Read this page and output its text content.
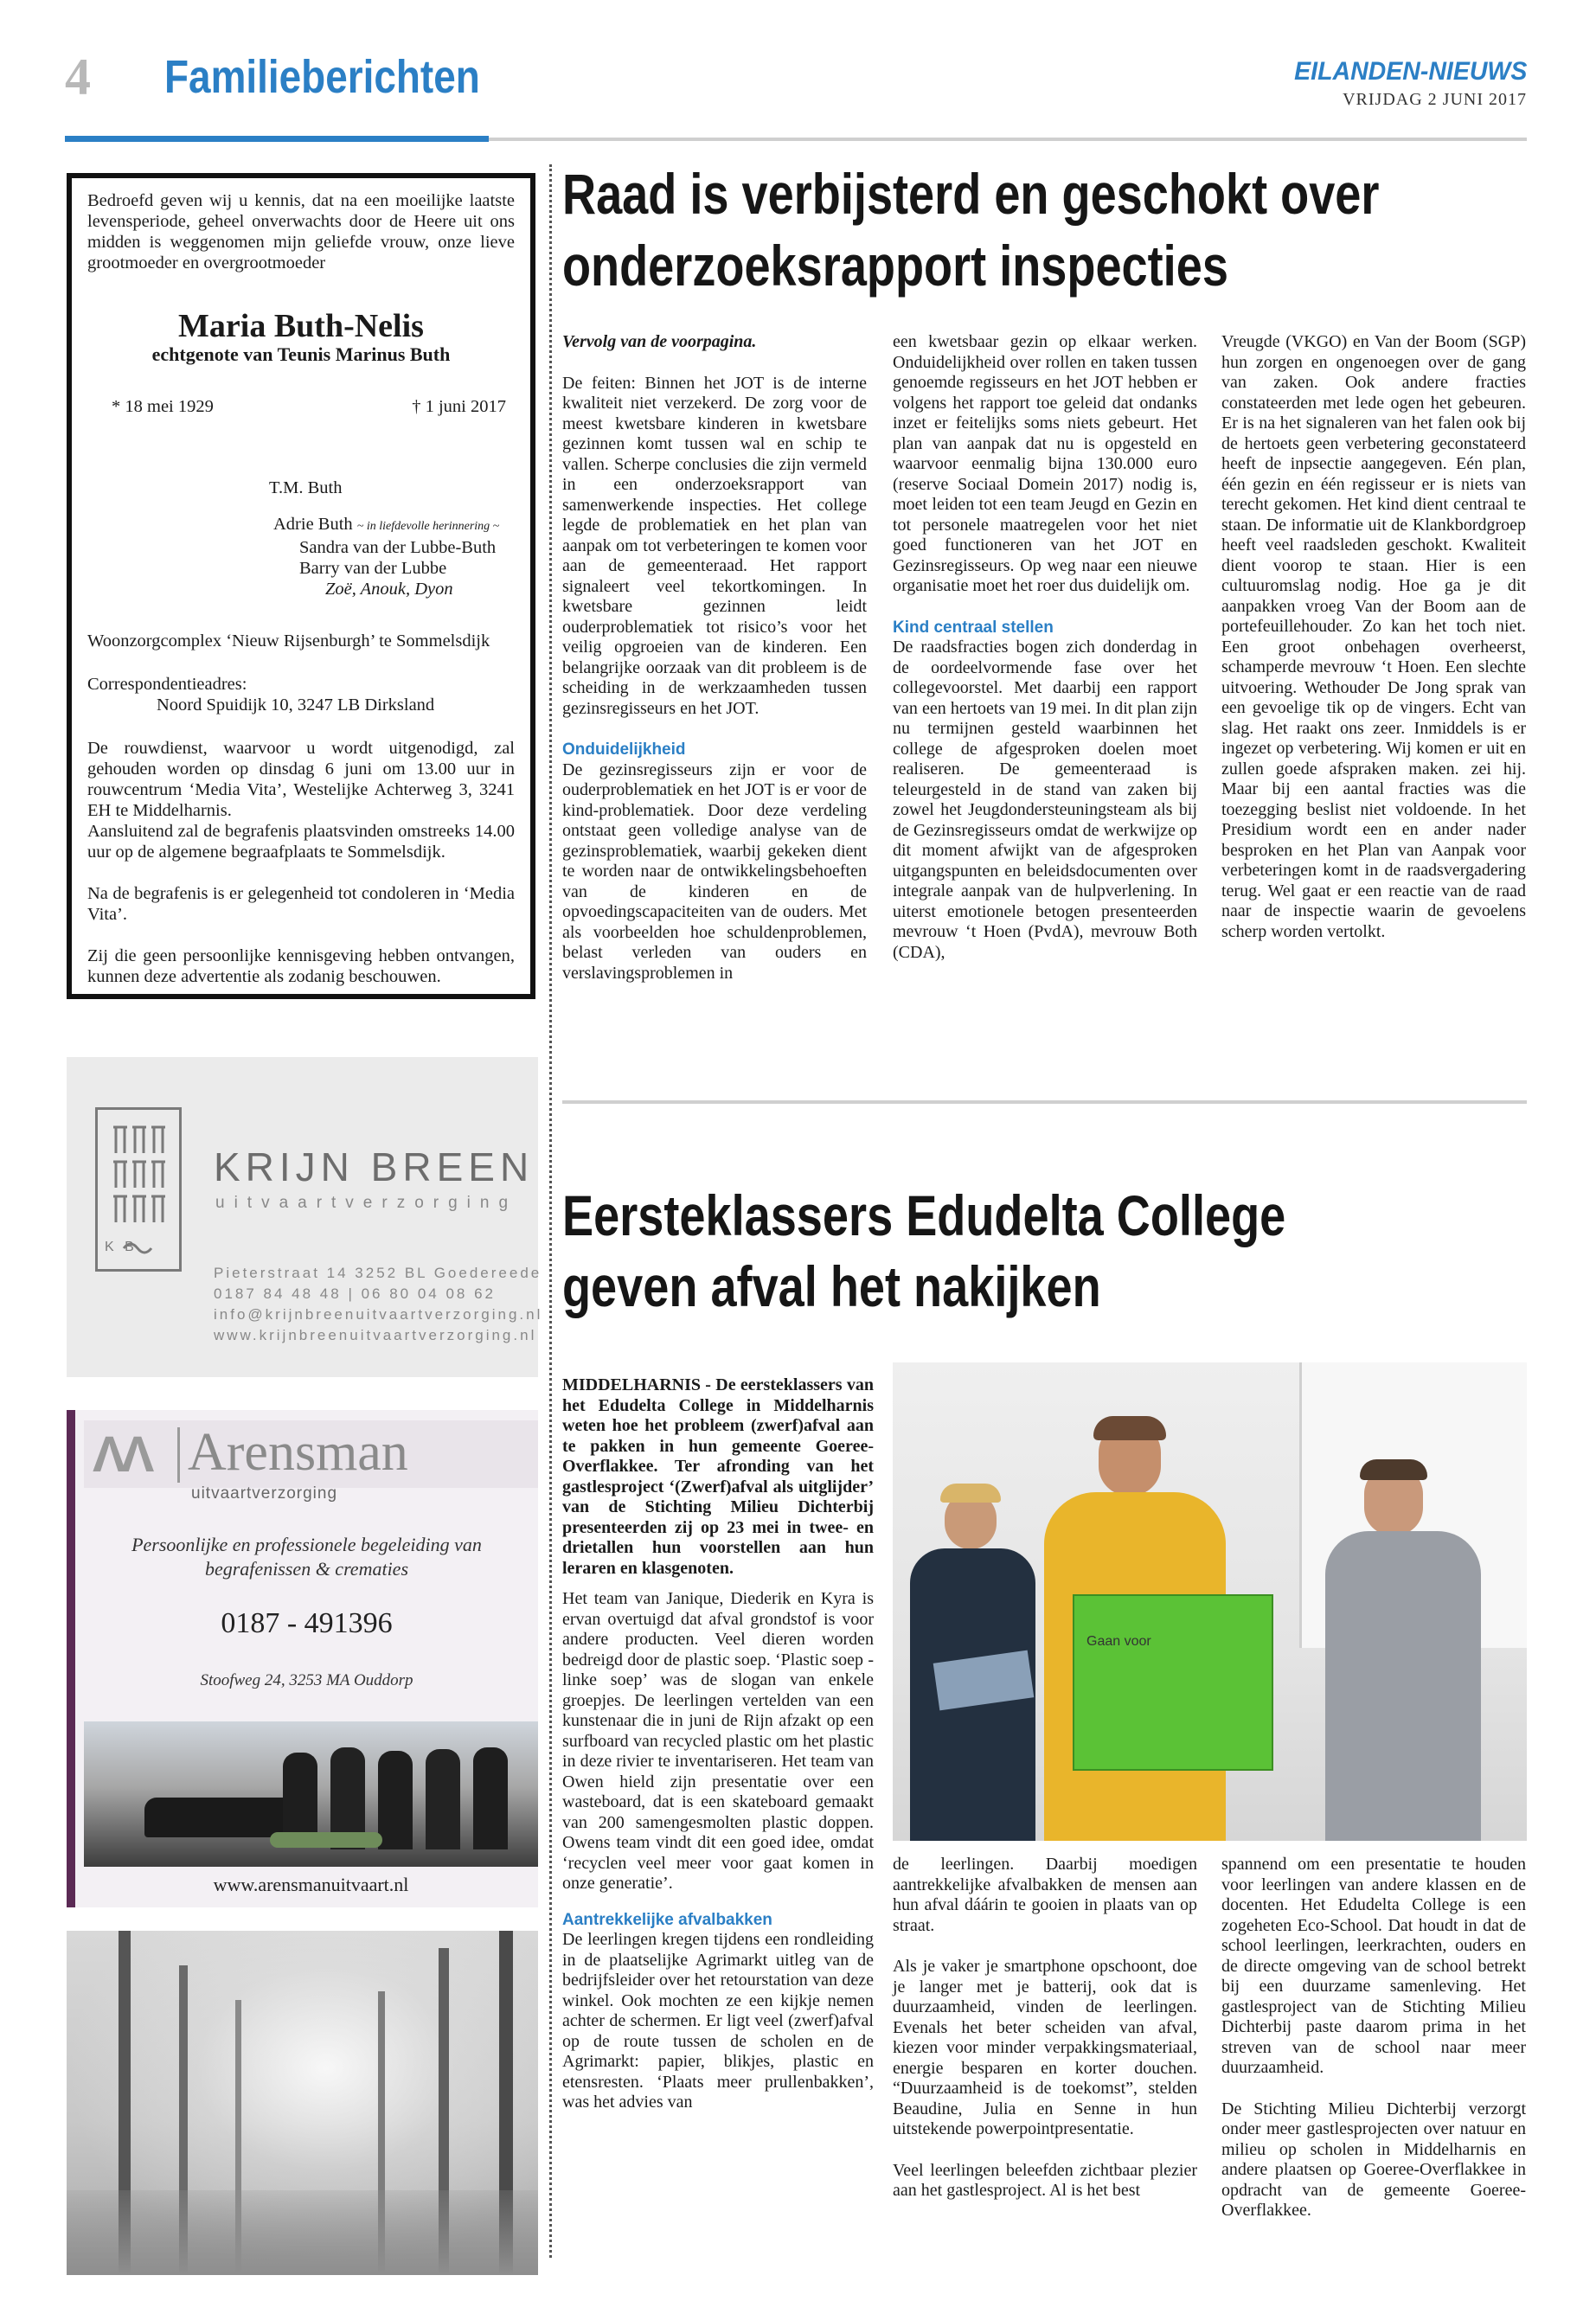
4 Familieberichten	EILANDEN-NIEUWS
VRIJDAG 2 JUNI 2017

Bedroefd geven wij u kennis, dat na een moeilijke laatste levensperiode, geheel onverwachts door de Heere uit ons midden is weggenomen mijn geliefde vrouw, onze lieve grootmoeder en overgrootmoeder

Maria Buth-Nelis
echtgenote van Teunis Marinus Buth
* 18 mei 1929	† 1 juni 2017
T.M. Buth
Adrie Buth ~ in liefdevolle herinnering ~
Sandra van der Lubbe-Buth
Barry van der Lubbe
Zoë, Anouk, Dyon

Woonzorgcomplex ‘Nieuw Rijsenburgh’ te Sommelsdijk

Correspondentieadres:

Noord Spuidijk 10, 3247 LB Dirksland

De rouwdienst, waarvoor u wordt uitgenodigd, zal gehouden worden op dinsdag 6 juni om 13.00 uur in rouwcentrum ‘Media Vita’, Westelijke Achterweg 3, 3241 EH te Middelharnis.

Aansluitend zal de begrafenis plaatsvinden omstreeks 14.00 uur op de algemene begraafplaats te Sommelsdijk.

Na de begrafenis is er gelegenheid tot condoleren in ‘Media Vita’.

Zij die geen persoonlijke kennisgeving hebben ontvangen, kunnen deze advertentie als zodanig beschouwen.

K B
KRIJN BREEN
uitvaartverzorging
Pieterstraat 14 3252 BL Goedereede
0187 84 48 48 | 06 80 04 08 62
info@krijnbreenuitvaartverzorging.nl
www.krijnbreenuitvaartverzorging.nl
ΛΛ Arensman
uitvaartverzorging
Persoonlijke en professionele begeleiding van begrafenissen & crematies
0187 - 491396
Stoofweg 24, 3253 MA Ouddorp
www.arensmanuitvaart.nl
Raad is verbijsterd en geschokt over
onderzoeksrapport inspecties

Vervolg van de voorpagina.

De feiten: Binnen het JOT is de interne kwaliteit niet verzekerd. De zorg voor de meest kwetsbare kinderen in kwetsbare gezinnen komt tussen wal en schip te vallen. Scherpe conclusies die zijn vermeld in een onderzoeksrapport van samenwerkende inspecties. Het college legde de problematiek en het plan van aanpak om tot verbeteringen te komen voor aan de gemeenteraad. Het rapport signaleert veel tekortkomingen. In kwetsbare gezinnen leidt ouderproblematiek tot risico’s voor het veilig opgroeien van de kinderen. Een belangrijke oorzaak van dit probleem is de scheiding in de werkzaamheden tussen gezinsregisseurs en het JOT.

Onduidelijkheid

De gezinsregisseurs zijn er voor de ouderproblematiek en het JOT is er voor de kind-problematiek. Door deze verdeling ontstaat geen volledige analyse van de gezinsproblematiek, waarbij gekeken dient te worden naar de ontwikkelingsbehoeften van de kinderen en de opvoedingscapaciteiten van de ouders. Met als voorbeelden hoe schuldenproblemen, belast verleden van ouders en verslavingsproblemen in

een kwetsbaar gezin op elkaar werken. Onduidelijkheid over rollen en taken tussen genoemde regisseurs en het JOT hebben er volgens het rapport toe geleid dat ondanks inzet er feitelijks soms niets gebeurt. Het plan van aanpak dat nu is opgesteld en waarvoor eenmalig bijna 130.000 euro (reserve Sociaal Domein 2017) nodig is, moet leiden tot een team Jeugd en Gezin en tot personele maatregelen voor het niet goed functioneren van het JOT en Gezinsregisseurs. Op weg naar een nieuwe organisatie moet het roer dus duidelijk om.

Kind centraal stellen

De raadsfracties bogen zich donderdag in de oordeelvormende fase over het collegevoorstel. Met daarbij een rapport van een hertoets van 19 mei. In dit plan zijn nu termijnen gesteld waarbinnen het college de afgesproken doelen moet realiseren. De gemeenteraad is teleurgesteld in de stand van zaken bij zowel het Jeugdondersteuningsteam als bij de Gezinsregisseurs omdat de werkwijze op dit moment afwijkt van de afgesproken uitgangspunten en beleidsdocumenten over integrale aanpak van de hulpverlening. In uiterst emotionele betogen presenteerden mevrouw ‘t Hoen (PvdA), mevrouw Both (CDA),

Vreugde (VKGO) en Van der Boom (SGP) hun zorgen en ongenoegen over de gang van zaken. Ook andere fracties constateerden met lede ogen het gebeuren. Er is na het signaleren van het falen ook bij de hertoets geen verbetering geconstateerd heeft de inpsectie aangegeven. Eén plan, één gezin en één regisseur er is niets van terecht gekomen. Het kind dient centraal te staan. De informatie uit de Klankbordgroep heeft veel raadsleden geschokt. Kwaliteit dient voorop te staan. Hier is een cultuuromslag nodig. Hoe ga je dit aanpakken vroeg Van der Boom aan de portefeuillehouder. Zo kan het toch niet. Een groot onbehagen overheerst, schamperde mevrouw ‘t Hoen. Een slechte uitvoering. Wethouder De Jong sprak van een gevoelige tik op de vingers. Echt van slag. Het raakt ons zeer. Inmiddels is er ingezet op verbetering. Wij komen er uit en zullen goede afspraken maken. zei hij. Maar bij een aantal fracties was die toezegging beslist niet voldoende. In het Presidium wordt een en ander nader besproken en het Plan van Aanpak voor verbeteringen komt in de raadsvergadering terug. Wel gaat er een reactie van de raad naar de inspectie waarin de gevoelens scherp worden vertolkt.

Eersteklassers Edudelta College
geven afval het nakijken

MIDDELHARNIS - De eersteklassers van het Edudelta College in Middelharnis weten hoe het probleem (zwerf)afval aan te pakken in hun gemeente Goeree-Overflakkee. Ter afronding van het gastlesproject ‘(Zwerf)afval als uitglijder’ van de Stichting Milieu Dichterbij presenteerden zij op 23 mei in twee- en drietallen hun voorstellen aan hun leraren en klasgenoten.

Het team van Janique, Diederik en Kyra is ervan overtuigd dat afval grondstof is voor andere producten. Veel dieren worden bedreigd door de plastic soep. ‘Plastic soep - linke soep’ was de slogan van enkele groepjes. De leerlingen vertelden van een kunstenaar die in juni de Rijn afzakt op een surfboard van recycled plastic om het plastic in deze rivier te inventariseren. Het team van Owen hield zijn presentatie over een wasteboard, dat is een skateboard gemaakt van 200 samengesmolten plastic doppen. Owens team vindt dit een goed idee, omdat ‘recyclen veel meer voor gaat komen in onze generatie’.

Aantrekkelijke afvalbakken

De leerlingen kregen tijdens een rondleiding in de plaatselijke Agrimarkt uitleg van de bedrijfsleider over het retourstation van deze winkel. Ook mochten ze een kijkje nemen achter de schermen. Er ligt veel (zwerf)afval op de route tussen de scholen en de Agrimarkt: papier, blikjes, plastic en etensresten. ‘Plaats meer prullenbakken’, was het advies van

Gaan voor

de leerlingen. Daarbij moedigen aantrekkelijke afvalbakken de mensen aan hun afval dáárin te gooien in plaats van op straat.

Als je vaker je smartphone opschoont, doe je langer met je batterij, ook dat is duurzaamheid, vinden de leerlingen. Evenals het beter scheiden van afval, kiezen voor minder verpakkingsmateriaal, energie besparen en korter douchen. “Duurzaamheid is de toekomst”, stelden Beaudine, Julia en Senne in hun uitstekende powerpointpresentatie.

Veel leerlingen beleefden zichtbaar plezier aan het gastlesproject. Al is het best

spannend om een presentatie te houden voor leerlingen van andere klassen en de docenten. Het Edudelta College is een zogeheten Eco-School. Dat houdt in dat de school leerlingen, leerkrachten, ouders en de directe omgeving van de school betrekt bij een duurzame samenleving. Het gastlesproject van de Stichting Milieu Dichterbij paste daarom prima in het streven van de school naar meer duurzaamheid.

De Stichting Milieu Dichterbij verzorgt onder meer gastlesprojecten over natuur en milieu op scholen in Middelharnis en andere plaatsen op Goeree-Overflakkee in opdracht van de gemeente Goeree-Overflakkee.
